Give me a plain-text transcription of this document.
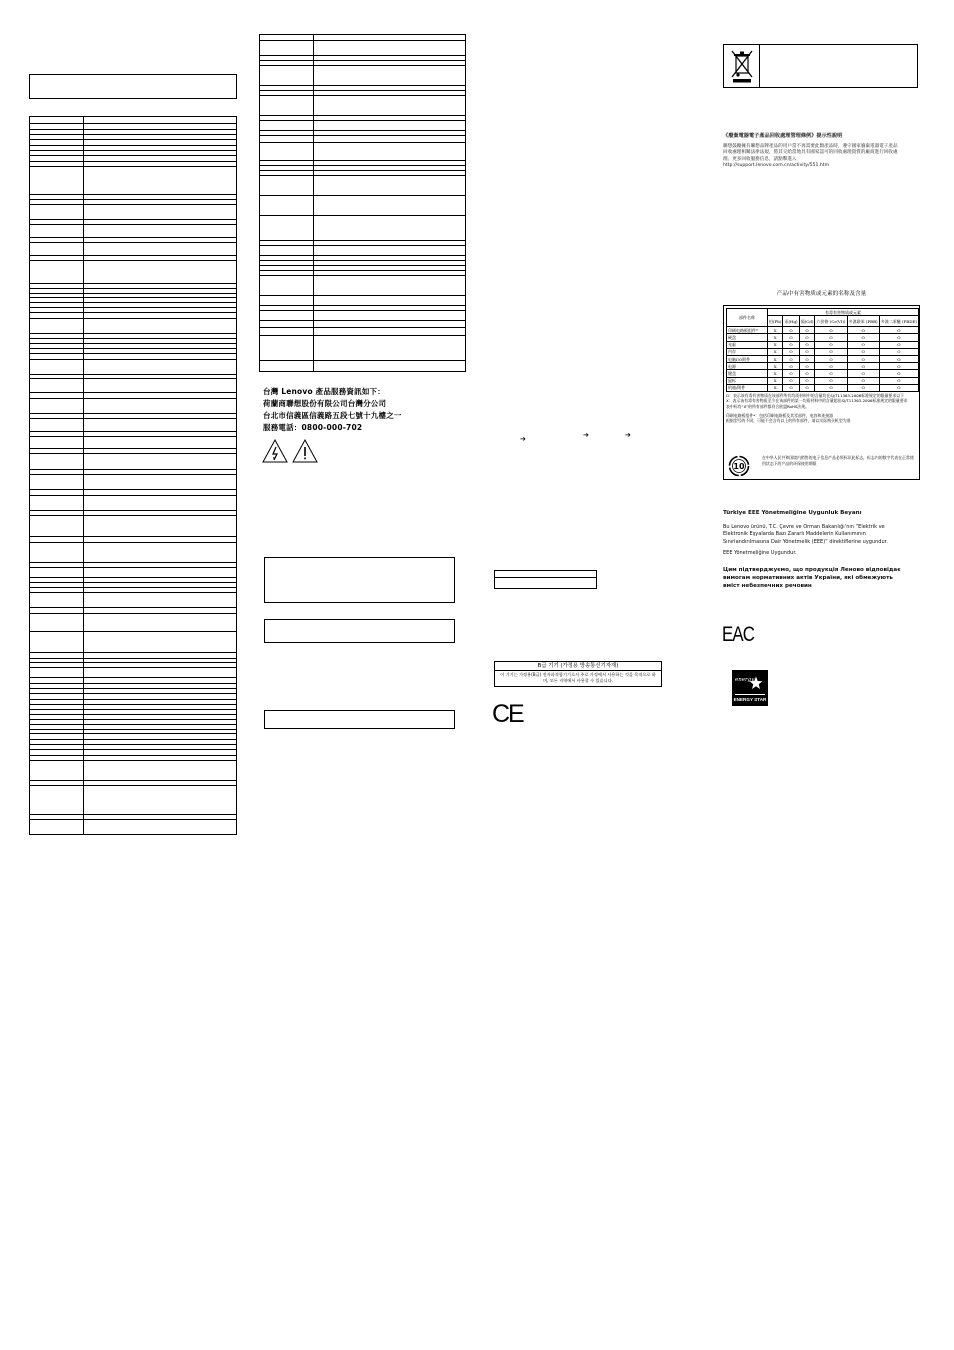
台灣 Lenovo 產品服務資訊如下：
荷蘭商聯想股份有限公司台灣分公司
台北市信義區信義路五段七號十九樓之一
服務電話：0800-000-702
➔	➔	➔
B급 기기 (가정용 방송통신기자재)
이 기기는 가정용(B급) 전자파적합기기로서 주로 가정에서 사용하는 것을 목적으로 하며, 모든 지역에서 사용할 수 있습니다.
CE
《廢棄電器電子產品回收處理管理條例》提示性說明
聯想鼓勵擁有聯想品牌產品的用戶當不再需要此類產品時，遵守國家廢棄電器電子產品回收處理相關法律法規，將其交給當地具有國家認可的回收處理資質的廠商進行回收處理。更多回收服務信息，請點擊進入 http://support.lenovo.com.cn/activity/551.htm
产品中有害物质或元素的名称及含量
部件名称	有毒有害物质或元素					
	铅(Pb)	汞(Hg)	镉(Cd)	六价铬 (Cr(VI))	多溴联苯 (PBB)	多溴二苯醚 (PBDE)
印刷电路板组件*	X	O	O	O	O	O
硬盘	X	O	O	O	O	O
光驱	X	O	O	O	O	O
内存	X	O	O	O	O	O
电脑I/O附件	X	O	O	O	O	O
电源	X	O	O	O	O	O
键盘	X	O	O	O	O	O
鼠标	X	O	O	O	O	O
机箱/附件	X	O	O	O	O	O
O：表示该有毒有害物质在该部件所有均质材料中的含量均在SJ/T11363-2006标准规定的限量要求以下
X：表示该有毒有害物质至少在该部件的某一均质材料中的含量超出SJ/T11363-2006标准规定的限量要求
表中标有“X”的所有部件都符合欧盟RoHS法规。
印刷电路板组件*：包括印刷电路板及其零部件、电容和连接器
根据型号的不同，可能不会含有以上的所有部件，请以实际购买机型为准
10
在中华人民共和国境内销售的电子信息产品必须标识此标志，标志内的数字代表在正常使用状态下的产品的环保使用期限
Türkiye EEE Yönetmeliğine Uygunluk Beyanı
Bu Lenovo ürünü, T.C. Çevre ve Orman Bakanlığı’nın “Elektrik ve Elektronik Eşyalarda Bazı Zararlı Maddelerin Kullanımının Sınırlandırılmasına Dair Yönetmelik (EEE)” direktiflerine uygundur.
EEE Yönetmeliğine Uygundur.
Цим підтверджуємо, що продукція Леново відповідає вимогам нормативних актів України, які обмежують вміст небезпечних речовин
EAC
energy
ENERGY STAR
